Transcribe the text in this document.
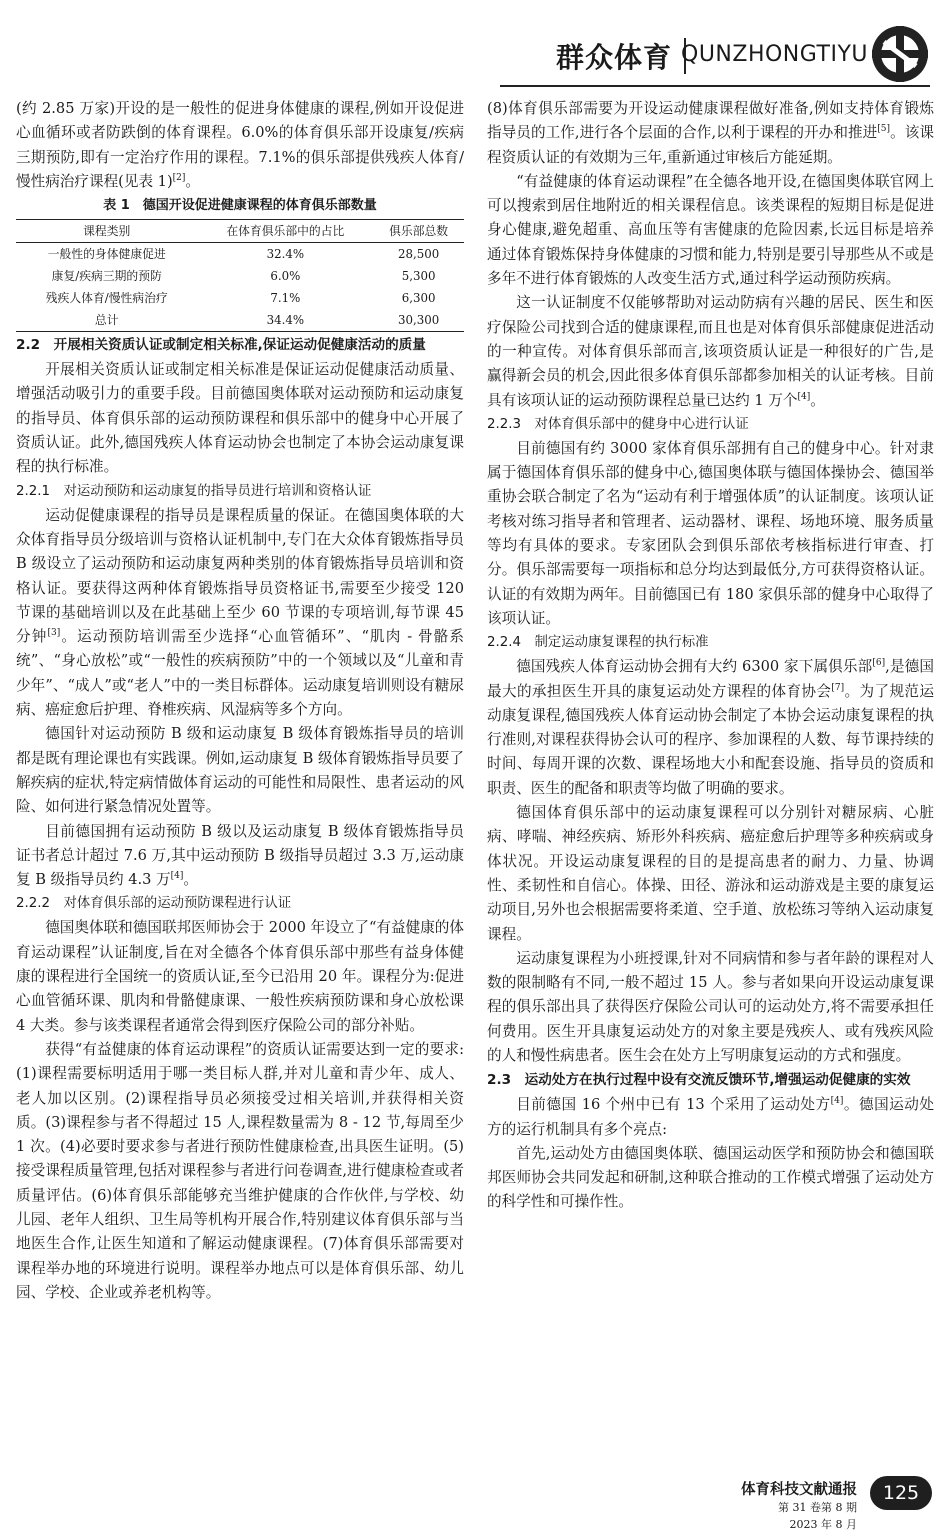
群众体育 QUNZHONGTIYU

(约 2.85 万家)开设的是一般性的促进身体健康的课程,例如开设促进心血循环或者防跌倒的体育课程。6.0%的体育俱乐部开设康复/疾病三期预防,即有一定治疗作用的课程。7.1%的俱乐部提供残疾人体育/慢性病治疗课程(见表 1)[2]。

表 1　德国开设促进健康课程的体育俱乐部数量
课程类别	在体育俱乐部中的占比	俱乐部总数
一般性的身体健康促进	32.4%	28,500
康复/疾病三期的预防	6.0%	5,300
残疾人体育/慢性病治疗	7.1%	6,300
总计	34.4%	30,300
2.2　开展相关资质认证或制定相关标准,保证运动促健康活动的质量

开展相关资质认证或制定相关标准是保证运动促健康活动质量、增强活动吸引力的重要手段。目前德国奥体联对运动预防和运动康复的指导员、体育俱乐部的运动预防课程和俱乐部中的健身中心开展了资质认证。此外,德国残疾人体育运动协会也制定了本协会运动康复课程的执行标准。

2.2.1　对运动预防和运动康复的指导员进行培训和资格认证

运动促健康课程的指导员是课程质量的保证。在德国奥体联的大众体育指导员分级培训与资格认证机制中,专门在大众体育锻炼指导员 B 级设立了运动预防和运动康复两种类别的体育锻炼指导员培训和资格认证。要获得这两种体育锻炼指导员资格证书,需要至少接受 120 节课的基础培训以及在此基础上至少 60 节课的专项培训,每节课 45 分钟[3]。运动预防培训需至少选择“心血管循环”、“肌肉 - 骨骼系统”、“身心放松”或“一般性的疾病预防”中的一个领域以及“儿童和青少年”、“成人”或“老人”中的一类目标群体。运动康复培训则设有糖尿病、癌症愈后护理、脊椎疾病、风湿病等多个方向。

德国针对运动预防 B 级和运动康复 B 级体育锻炼指导员的培训都是既有理论课也有实践课。例如,运动康复 B 级体育锻炼指导员要了解疾病的症状,特定病情做体育运动的可能性和局限性、患者运动的风险、如何进行紧急情况处置等。

目前德国拥有运动预防 B 级以及运动康复 B 级体育锻炼指导员证书者总计超过 7.6 万,其中运动预防 B 级指导员超过 3.3 万,运动康复 B 级指导员约 4.3 万[4]。

2.2.2　对体育俱乐部的运动预防课程进行认证

德国奥体联和德国联邦医师协会于 2000 年设立了“有益健康的体育运动课程”认证制度,旨在对全德各个体育俱乐部中那些有益身体健康的课程进行全国统一的资质认证,至今已沿用 20 年。课程分为:促进心血管循环课、肌肉和骨骼健康课、一般性疾病预防课和身心放松课 4 大类。参与该类课程者通常会得到医疗保险公司的部分补贴。

获得“有益健康的体育运动课程”的资质认证需要达到一定的要求:(1)课程需要标明适用于哪一类目标人群,并对儿童和青少年、成人、老人加以区别。(2)课程指导员必须接受过相关培训,并获得相关资质。(3)课程参与者不得超过 15 人,课程数量需为 8 - 12 节,每周至少 1 次。(4)必要时要求参与者进行预防性健康检查,出具医生证明。(5)接受课程质量管理,包括对课程参与者进行问卷调查,进行健康检查或者质量评估。(6)体育俱乐部能够充当维护健康的合作伙伴,与学校、幼儿园、老年人组织、卫生局等机构开展合作,特别建议体育俱乐部与当地医生合作,让医生知道和了解运动健康课程。(7)体育俱乐部需要对课程举办地的环境进行说明。课程举办地点可以是体育俱乐部、幼儿园、学校、企业或养老机构等。

(8)体育俱乐部需要为开设运动健康课程做好准备,例如支持体育锻炼指导员的工作,进行各个层面的合作,以利于课程的开办和推进[5]。该课程资质认证的有效期为三年,重新通过审核后方能延期。

“有益健康的体育运动课程”在全德各地开设,在德国奥体联官网上可以搜索到居住地附近的相关课程信息。该类课程的短期目标是促进身心健康,避免超重、高血压等有害健康的危险因素,长远目标是培养通过体育锻炼保持身体健康的习惯和能力,特别是要引导那些从不或是多年不进行体育锻炼的人改变生活方式,通过科学运动预防疾病。

这一认证制度不仅能够帮助对运动防病有兴趣的居民、医生和医疗保险公司找到合适的健康课程,而且也是对体育俱乐部健康促进活动的一种宣传。对体育俱乐部而言,该项资质认证是一种很好的广告,是赢得新会员的机会,因此很多体育俱乐部都参加相关的认证考核。目前具有该项认证的运动预防课程总量已达约 1 万个[4]。

2.2.3　对体育俱乐部中的健身中心进行认证

目前德国有约 3000 家体育俱乐部拥有自己的健身中心。针对隶属于德国体育俱乐部的健身中心,德国奥体联与德国体操协会、德国举重协会联合制定了名为“运动有利于增强体质”的认证制度。该项认证考核对练习指导者和管理者、运动器材、课程、场地环境、服务质量等均有具体的要求。专家团队会到俱乐部依考核指标进行审查、打分。俱乐部需要每一项指标和总分均达到最低分,方可获得资格认证。认证的有效期为两年。目前德国已有 180 家俱乐部的健身中心取得了该项认证。

2.2.4　制定运动康复课程的执行标准

德国残疾人体育运动协会拥有大约 6300 家下属俱乐部[6],是德国最大的承担医生开具的康复运动处方课程的体育协会[7]。为了规范运动康复课程,德国残疾人体育运动协会制定了本协会运动康复课程的执行准则,对课程获得协会认可的程序、参加课程的人数、每节课持续的时间、每周开课的次数、课程场地大小和配套设施、指导员的资质和职责、医生的配备和职责等均做了明确的要求。

德国体育俱乐部中的运动康复课程可以分别针对糖尿病、心脏病、哮喘、神经疾病、矫形外科疾病、癌症愈后护理等多种疾病或身体状况。开设运动康复课程的目的是提高患者的耐力、力量、协调性、柔韧性和自信心。体操、田径、游泳和运动游戏是主要的康复运动项目,另外也会根据需要将柔道、空手道、放松练习等纳入运动康复课程。

运动康复课程为小班授课,针对不同病情和参与者年龄的课程对人数的限制略有不同,一般不超过 15 人。参与者如果向开设运动康复课程的俱乐部出具了获得医疗保险公司认可的运动处方,将不需要承担任何费用。医生开具康复运动处方的对象主要是残疾人、或有残疾风险的人和慢性病患者。医生会在处方上写明康复运动的方式和强度。

2.3　运动处方在执行过程中设有交流反馈环节,增强运动促健康的实效

目前德国 16 个州中已有 13 个采用了运动处方[4]。德国运动处方的运行机制具有多个亮点:

首先,运动处方由德国奥体联、德国运动医学和预防协会和德国联邦医师协会共同发起和研制,这种联合推动的工作模式增强了运动处方的科学性和可操作性。

体育科技文献通报
第 31 卷第 8 期
2023 年 8 月
125
